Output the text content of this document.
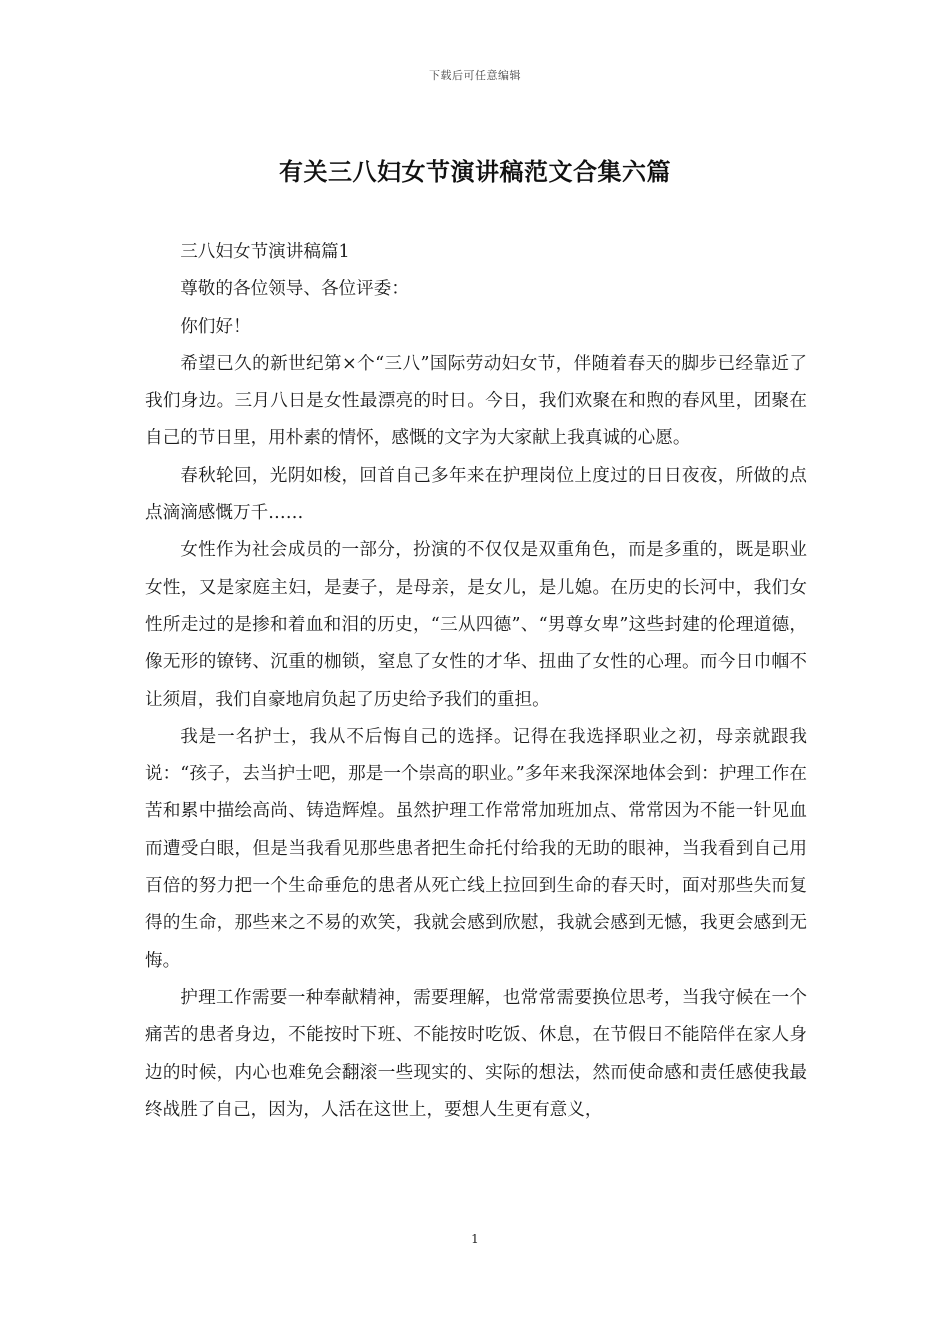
下载后可任意编辑
有关三八妇女节演讲稿范文合集六篇

三八妇女节演讲稿篇1

尊敬的各位领导、各位评委：

你们好！

希望已久的新世纪第×个“三八”国际劳动妇女节，伴随着春天的脚步已经靠近了我们身边。三月八日是女性最漂亮的时日。今日，我们欢聚在和煦的春风里，团聚在自己的节日里，用朴素的情怀，感慨的文字为大家献上我真诚的心愿。

春秋轮回，光阴如梭，回首自己多年来在护理岗位上度过的日日夜夜，所做的点点滴滴感慨万千……

女性作为社会成员的一部分，扮演的不仅仅是双重角色，而是多重的，既是职业女性，又是家庭主妇，是妻子，是母亲，是女儿，是儿媳。在历史的长河中，我们女性所走过的是掺和着血和泪的历史，“三从四德”、“男尊女卑”这些封建的伦理道德，像无形的镣铐、沉重的枷锁，窒息了女性的才华、扭曲了女性的心理。而今日巾帼不让须眉，我们自豪地肩负起了历史给予我们的重担。

我是一名护士，我从不后悔自己的选择。记得在我选择职业之初，母亲就跟我说：“孩子，去当护士吧，那是一个崇高的职业。”多年来我深深地体会到：护理工作在苦和累中描绘高尚、铸造辉煌。虽然护理工作常常加班加点、常常因为不能一针见血而遭受白眼，但是当我看见那些患者把生命托付给我的无助的眼神，当我看到自己用百倍的努力把一个生命垂危的患者从死亡线上拉回到生命的春天时，面对那些失而复得的生命，那些来之不易的欢笑，我就会感到欣慰，我就会感到无憾，我更会感到无悔。

护理工作需要一种奉献精神，需要理解，也常常需要换位思考，当我守候在一个痛苦的患者身边，不能按时下班、不能按时吃饭、休息，在节假日不能陪伴在家人身边的时候，内心也难免会翻滚一些现实的、实际的想法，然而使命感和责任感使我最终战胜了自己，因为，人活在这世上，要想人生更有意义，

1
